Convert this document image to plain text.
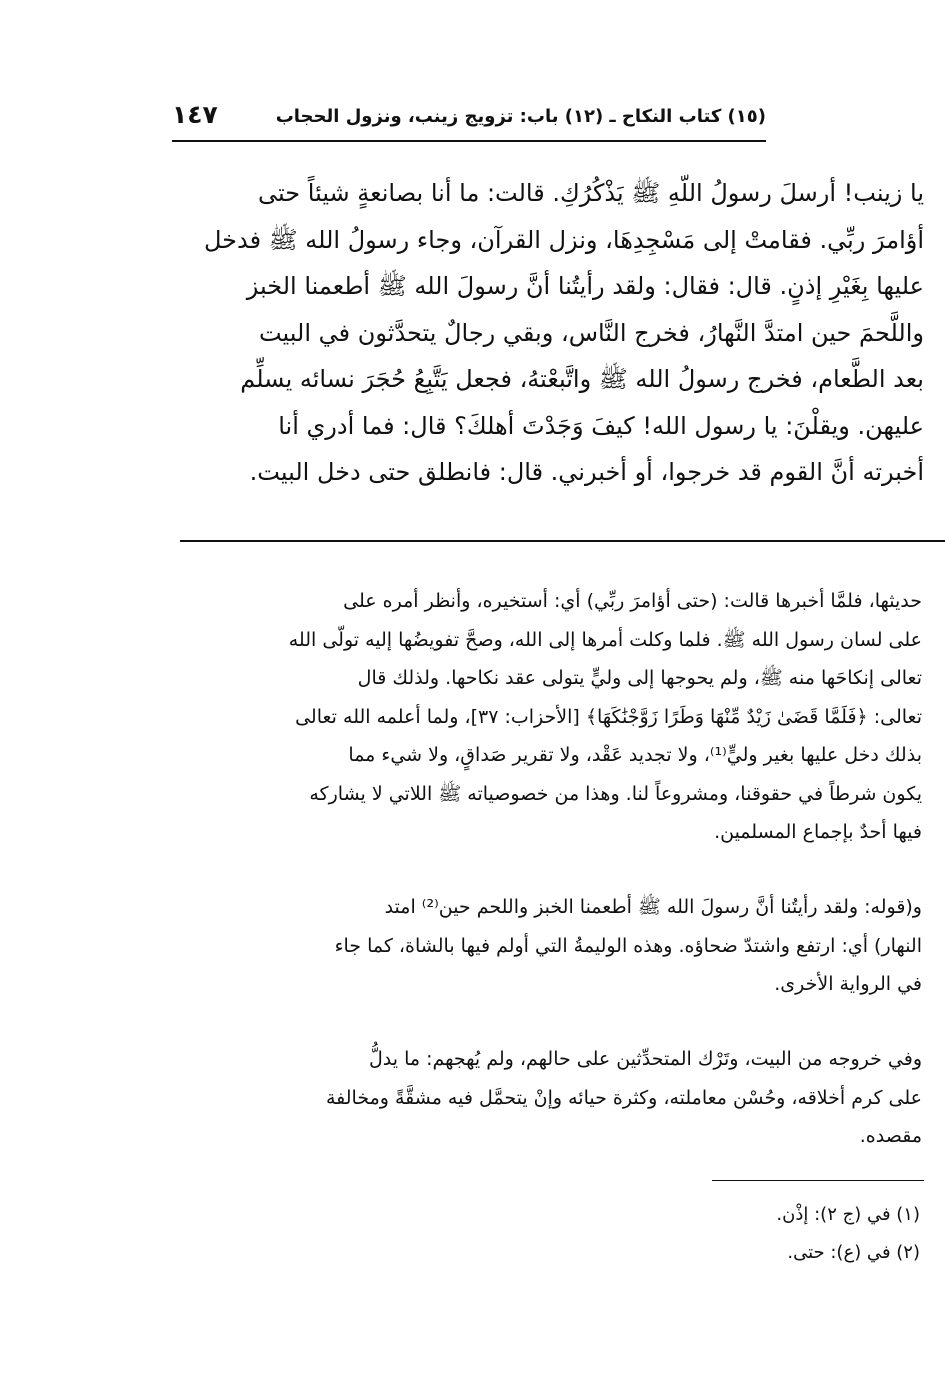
(١٥) كتاب النكاح ـ (١٢) باب: تزويج زينب، ونزول الحجاب
١٤٧
يا زينب! أرسلَ رسولُ اللّهِ ﷺ يَذْكُرُكِ. قالت: ما أنا بصانعةٍ شيئاً حتى
أؤامرَ ربِّي. فقامتْ إلى مَسْجِدِهَا، ونزل القرآن، وجاء رسولُ الله ﷺ فدخل
عليها بِغَيْرِ إذنٍ. قال: فقال: ولقد رأيتُنا أنَّ رسولَ الله ﷺ أطعمنا الخبز
واللَّحمَ حين امتدَّ النَّهارُ، فخرج النَّاس، وبقي رجالٌ يتحدَّثون في البيت
بعد الطَّعام، فخرج رسولُ الله ﷺ واتَّبعْتهُ، فجعل يَتَّبِعُ حُجَرَ نسائه يسلِّم
عليهن. ويقلْنَ: يا رسول الله! كيفَ وَجَدْتَ أهلكَ؟ قال: فما أدري أنا
أخبرته أنَّ القوم قد خرجوا، أو أخبرني. قال: فانطلق حتى دخل البيت.
حديثها، فلمَّا أخبرها قالت: (حتى أؤامرَ ربِّي) أي: أستخيره، وأنظر أمره على
على لسان رسول الله ﷺ. فلما وكلت أمرها إلى الله، وصحَّ تفويضُها إليه تولّى الله
تعالى إنكاحَها منه ﷺ، ولم يحوجها إلى وليٍّ يتولى عقد نكاحها. ولذلك قال
تعالى: ﴿فَلَمَّا قَضَىٰ زَيْدٌ مِّنْهَا وَطَرًا زَوَّجْنَٰكَهَا﴾ [الأحزاب: ٣٧]، ولما أعلمه الله تعالى
بذلك دخل عليها بغير وليٍّ⁽¹⁾، ولا تجديد عَقْد، ولا تقرير صَداقٍ، ولا شيء مما
يكون شرطاً في حقوقنا، ومشروعاً لنا. وهذا من خصوصياته ﷺ اللاتي لا يشاركه
فيها أحدٌ بإجماع المسلمين.
و(قوله: ولقد رأيتُنا أنَّ رسولَ الله ﷺ أطعمنا الخبز واللحم حين⁽²⁾ امتد
النهار) أي: ارتفع واشتدّ ضحاؤه. وهذه الوليمةُ التي أولم فيها بالشاة، كما جاء
في الرواية الأخرى.
وفي خروجه من البيت، وتَرْك المتحدِّثين على حالهم، ولم يُهجهم: ما يدلُّ
على كرم أخلاقه، وحُسْن معاملته، وكثرة حيائه وإنْ يتحمَّل فيه مشقَّةً ومخالفة
مقصده.
(١) في (ج ٢): إذْن.
(٢) في (ع): حتى.
